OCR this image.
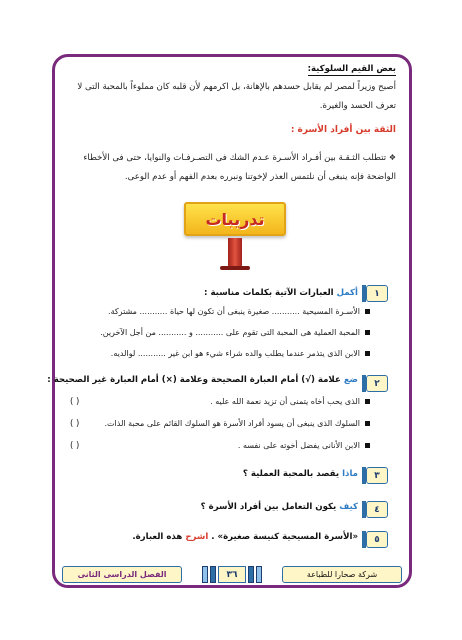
بعض القيم السلوكية:
أصبح وزيراً لمصر لم يقابل حسدهم بالإهانة، بل اكرمهم لأن قلبه كان مملوءاً بالمحبة التى لا تعرف الحسد والغيرة.
الثقة بين أفراد الأسرة :
❖ تتطلب الثـقـة بين أفـراد الأسـرة عـدم الشك فى التصـرفـات والنوايا، حتى فى الأخطاء الواضحة فإنه ينبغى أن نلتمس العذر لإخوتنا ونبرره بعدم الفهم أو عدم الوعى.
تدريبات
١
أكمل العبارات الآتية بكلمات مناسبة :
الأسـرة المسيحية ........... صغيرة ينبغى أن تكون لها حياة ........... مشتركة.
المحبة العملية هى المحبة التى تقوم على ........... و ........... من أجل الآخرين.
الابن الذى يتذمر عندما يطلب والده شراء شيء هو ابن غير ........... لوالديه.
٢
ضع علامة (√) أمام العبارة الصحيحة وعلامة (×) أمام العبارة غير الصحيحة :
الذى يحب أخاه يتمنى أن تزيد نعمة الله عليه .
( )
السلوك الذى ينبغى أن يسود أفراد الأسرة هو السلوك القائم على محبة الذات.
( )
الابن الأنانى يفضل أخوته على نفسه .
( )
٣
ماذا يقصد بالمحبة العملية ؟
٤
كيف يكون التعامل بين أفراد الأسرة ؟
٥
«الأسرة المسيحية كنيسة صغيرة» . اشرح هذه العبارة.
الفصل الدراسى الثانى	٣٦	شركة صحارا للطباعة
